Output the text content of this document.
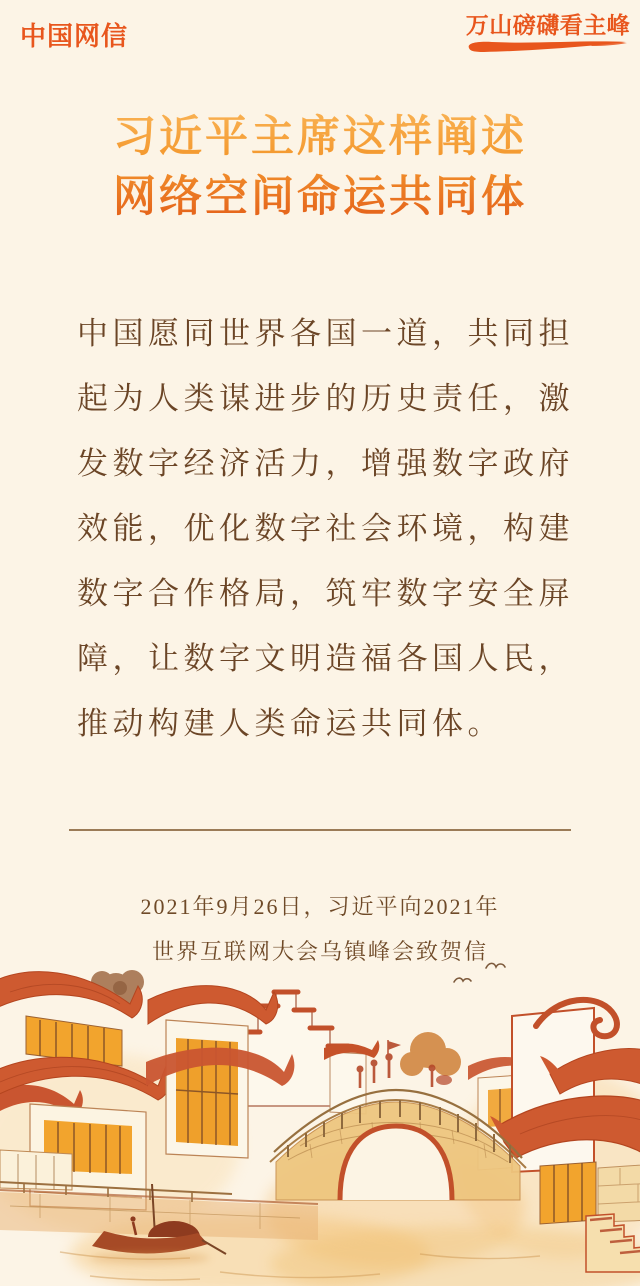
中国网信	万山磅礴看主峰
习近平主席这样阐述
网络空间命运共同体
中国愿同世界各国一道，共同担
起为人类谋进步的历史责任，激
发数字经济活力，增强数字政府
效能，优化数字社会环境，构建
数字合作格局，筑牢数字安全屏
障，让数字文明造福各国人民，
推动构建人类命运共同体。
2021年9月26日，习近平向2021年
世界互联网大会乌镇峰会致贺信
